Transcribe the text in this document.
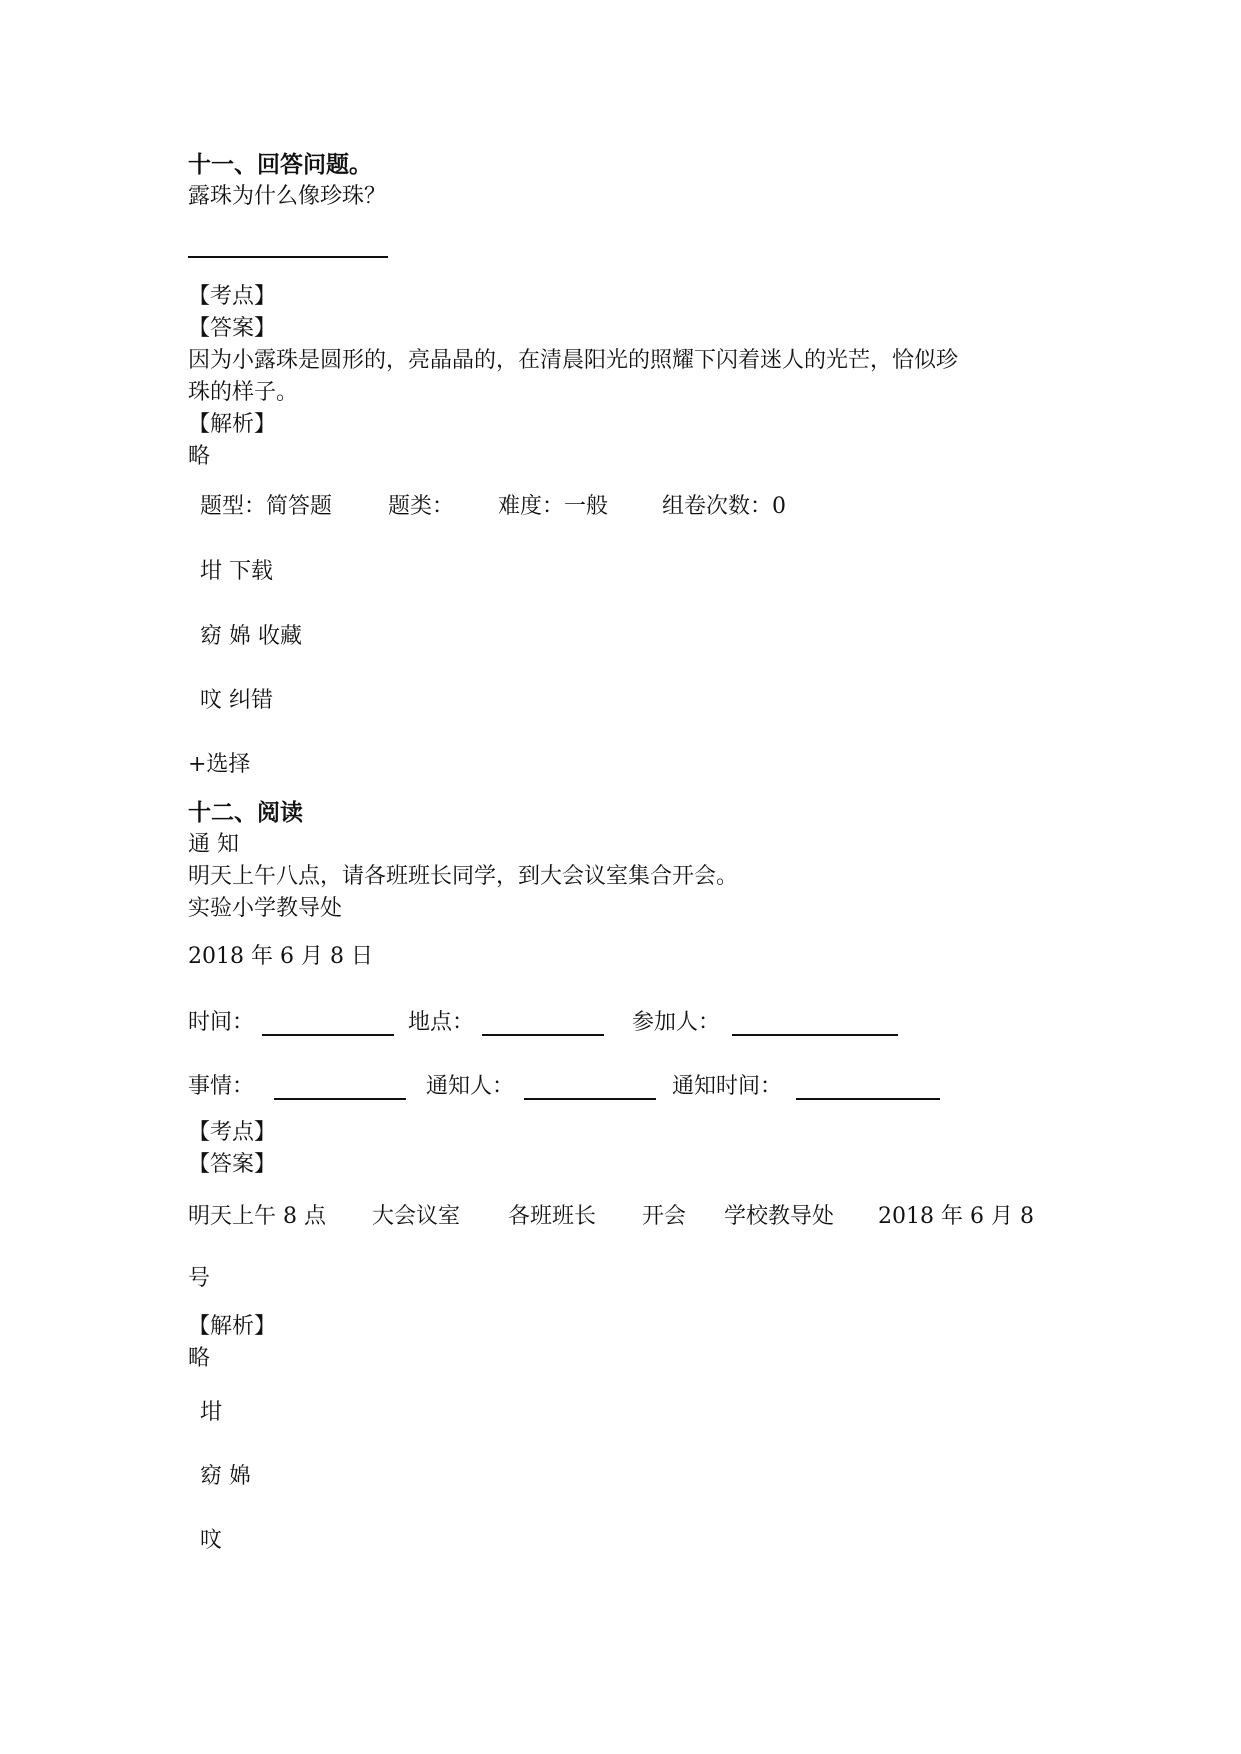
十一、回答问题。
露珠为什么像珍珠？
【考点】
【答案】
因为小露珠是圆形的，亮晶晶的，在清晨阳光的照耀下闪着迷人的光芒，恰似珍
珠的样子。
【解析】
略
题型：简答题	题类： 难度：一般 组卷次数：0
坩 下载
窈 婂 收藏
呅 纠错
+选择
十二、阅读
通 知
明天上午八点，请各班班长同学，到大会议室集合开会。
实验小学教导处
2018 年 6 月 8 日
时间：	地点：	参加人：
事情：	通知人：	通知时间：
【考点】
【答案】
明天上午 8 点 大会议室 各班班长 开会 学校教导处 2018 年 6 月 8
号
【解析】
略
坩
窈 婂
呅
